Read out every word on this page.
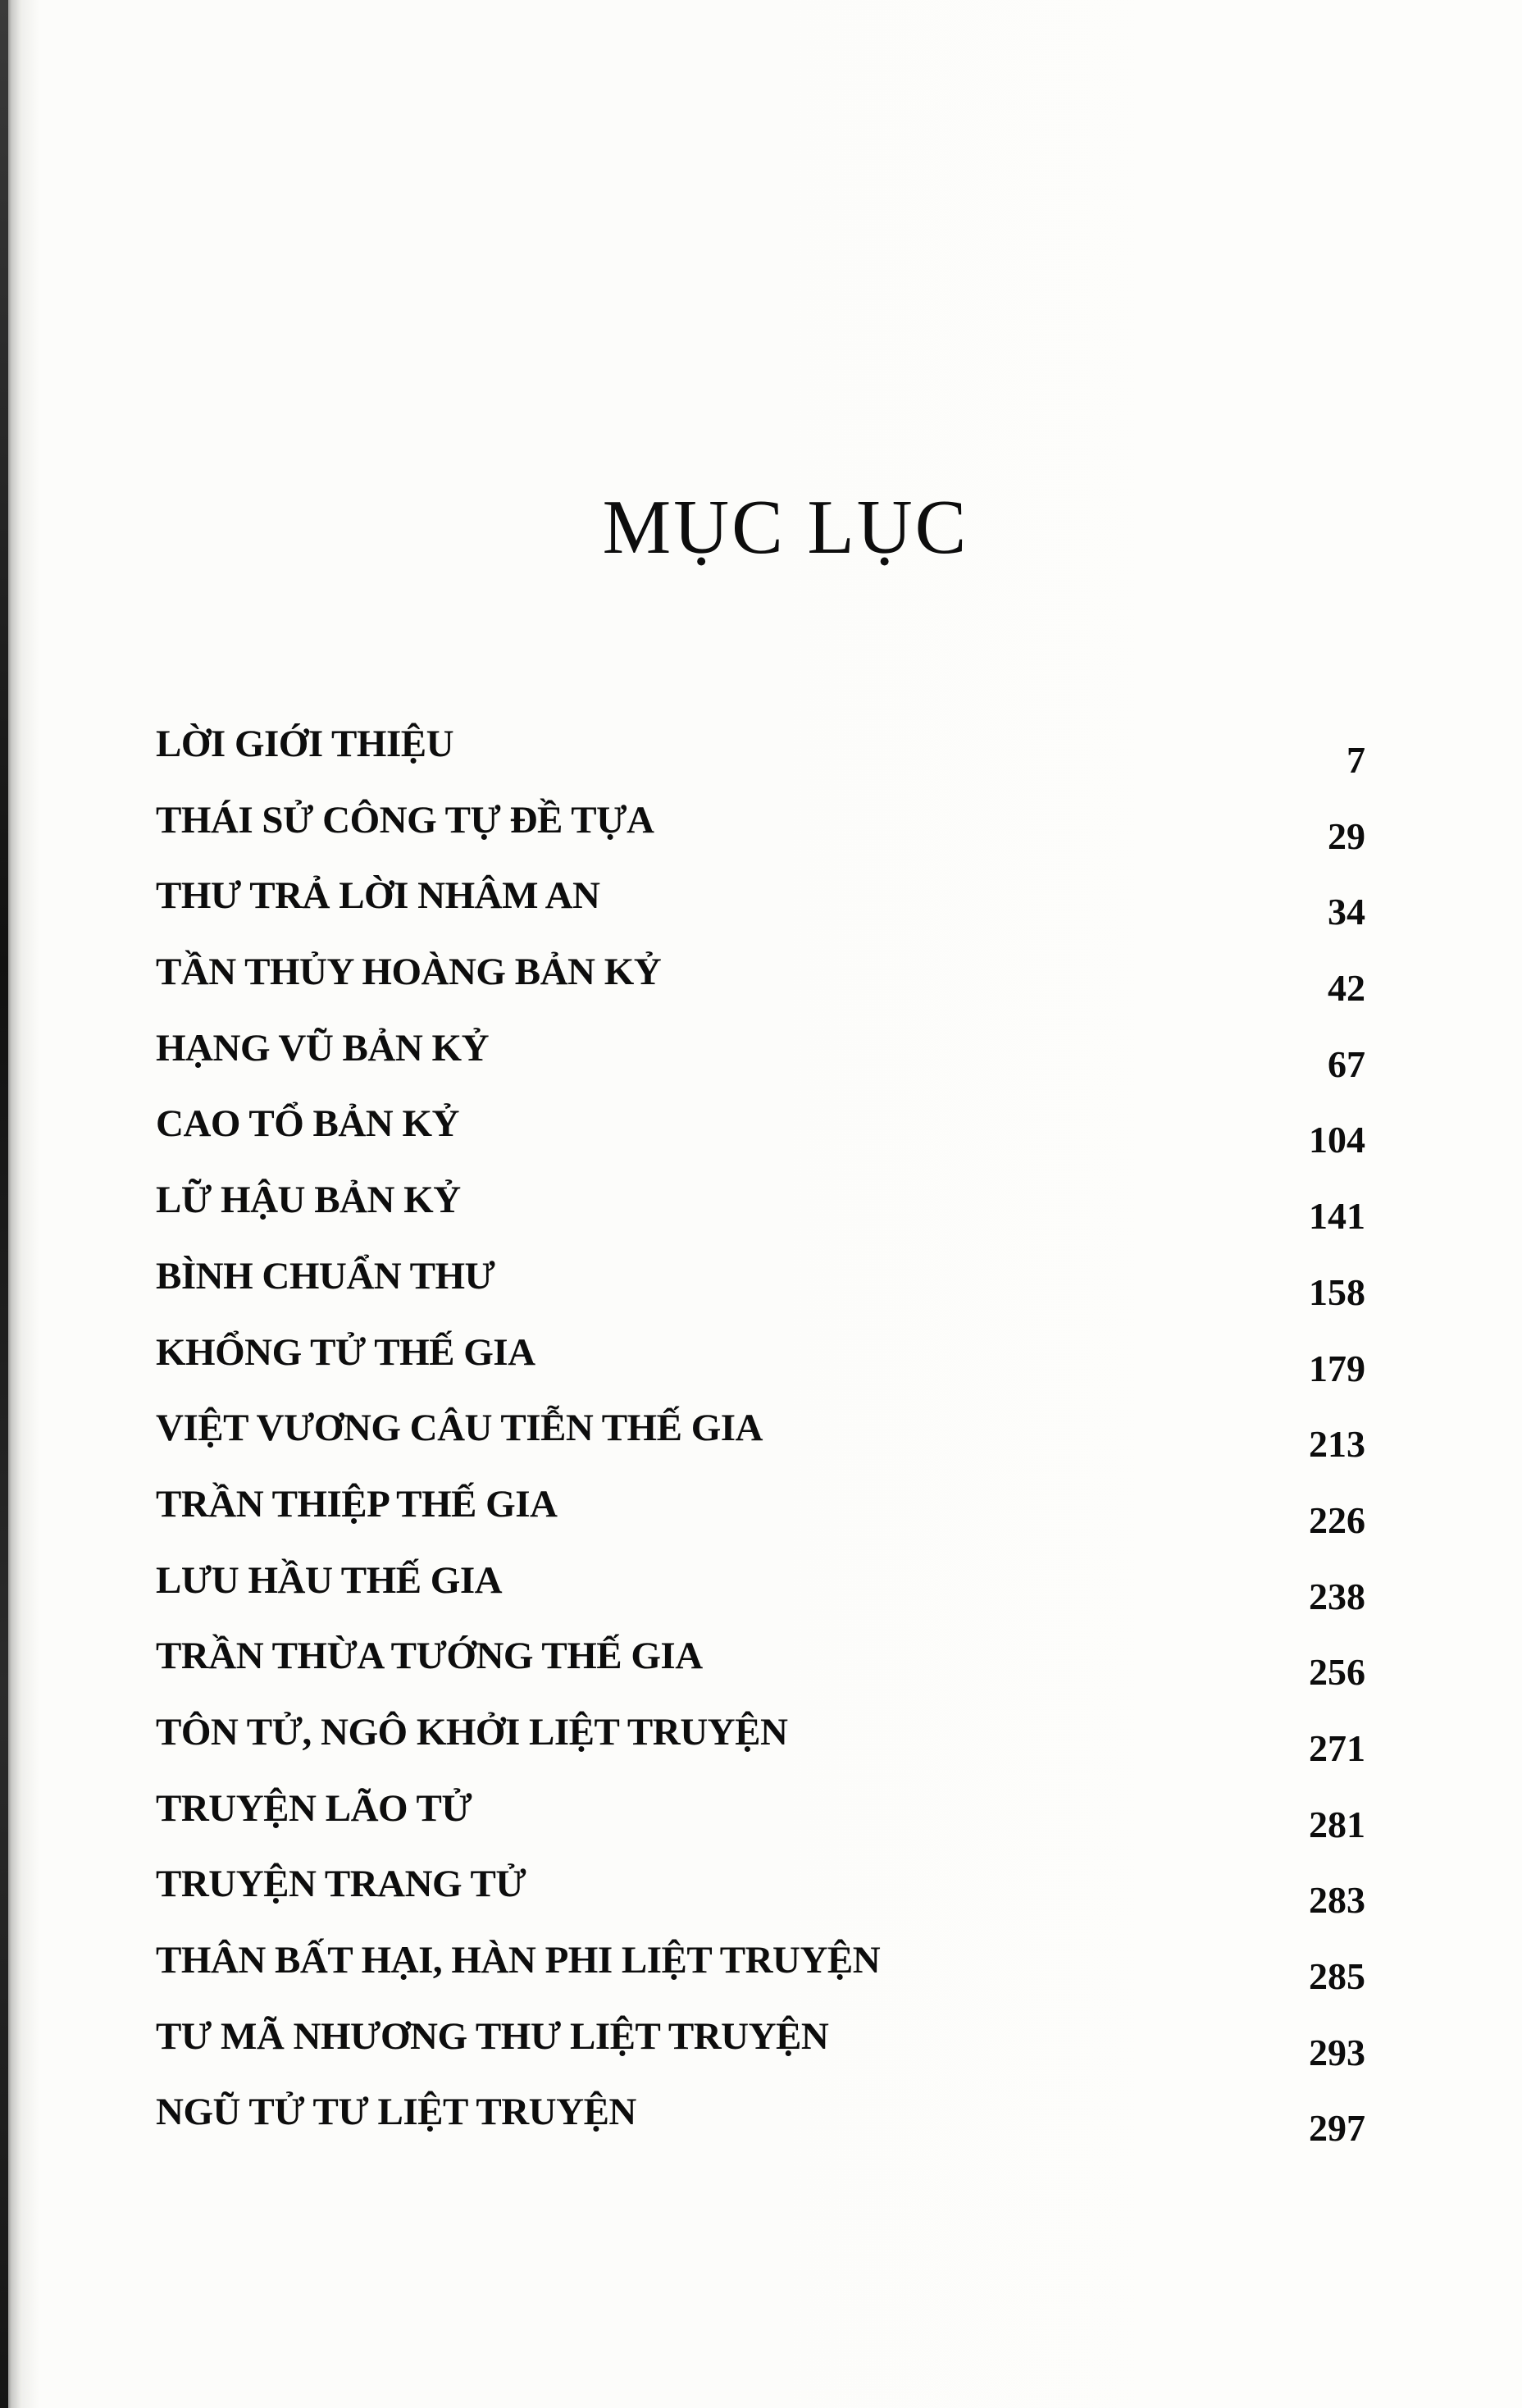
MỤC LỤC
LỜI GIỚI THIỆU	7
THÁI SỬ CÔNG TỰ ĐỀ TỰA	29
THƯ TRẢ LỜI NHÂM AN	34
TẦN THỦY HOÀNG BẢN KỶ	42
HẠNG VŨ BẢN KỶ	67
CAO TỔ BẢN KỶ	104
LỮ HẬU BẢN KỶ	141
BÌNH CHUẨN THƯ	158
KHỔNG TỬ THẾ GIA	179
VIỆT VƯƠNG CÂU TIỄN THẾ GIA	213
TRẦN THIỆP THẾ GIA	226
LƯU HẦU THẾ GIA	238
TRẦN THỪA TƯỚNG THẾ GIA	256
TÔN TỬ, NGÔ KHỞI LIỆT TRUYỆN	271
TRUYỆN LÃO TỬ	281
TRUYỆN TRANG TỬ	283
THÂN BẤT HẠI, HÀN PHI LIỆT TRUYỆN	285
TƯ MÃ NHƯƠNG THƯ LIỆT TRUYỆN	293
NGŨ TỬ TƯ LIỆT TRUYỆN	297
